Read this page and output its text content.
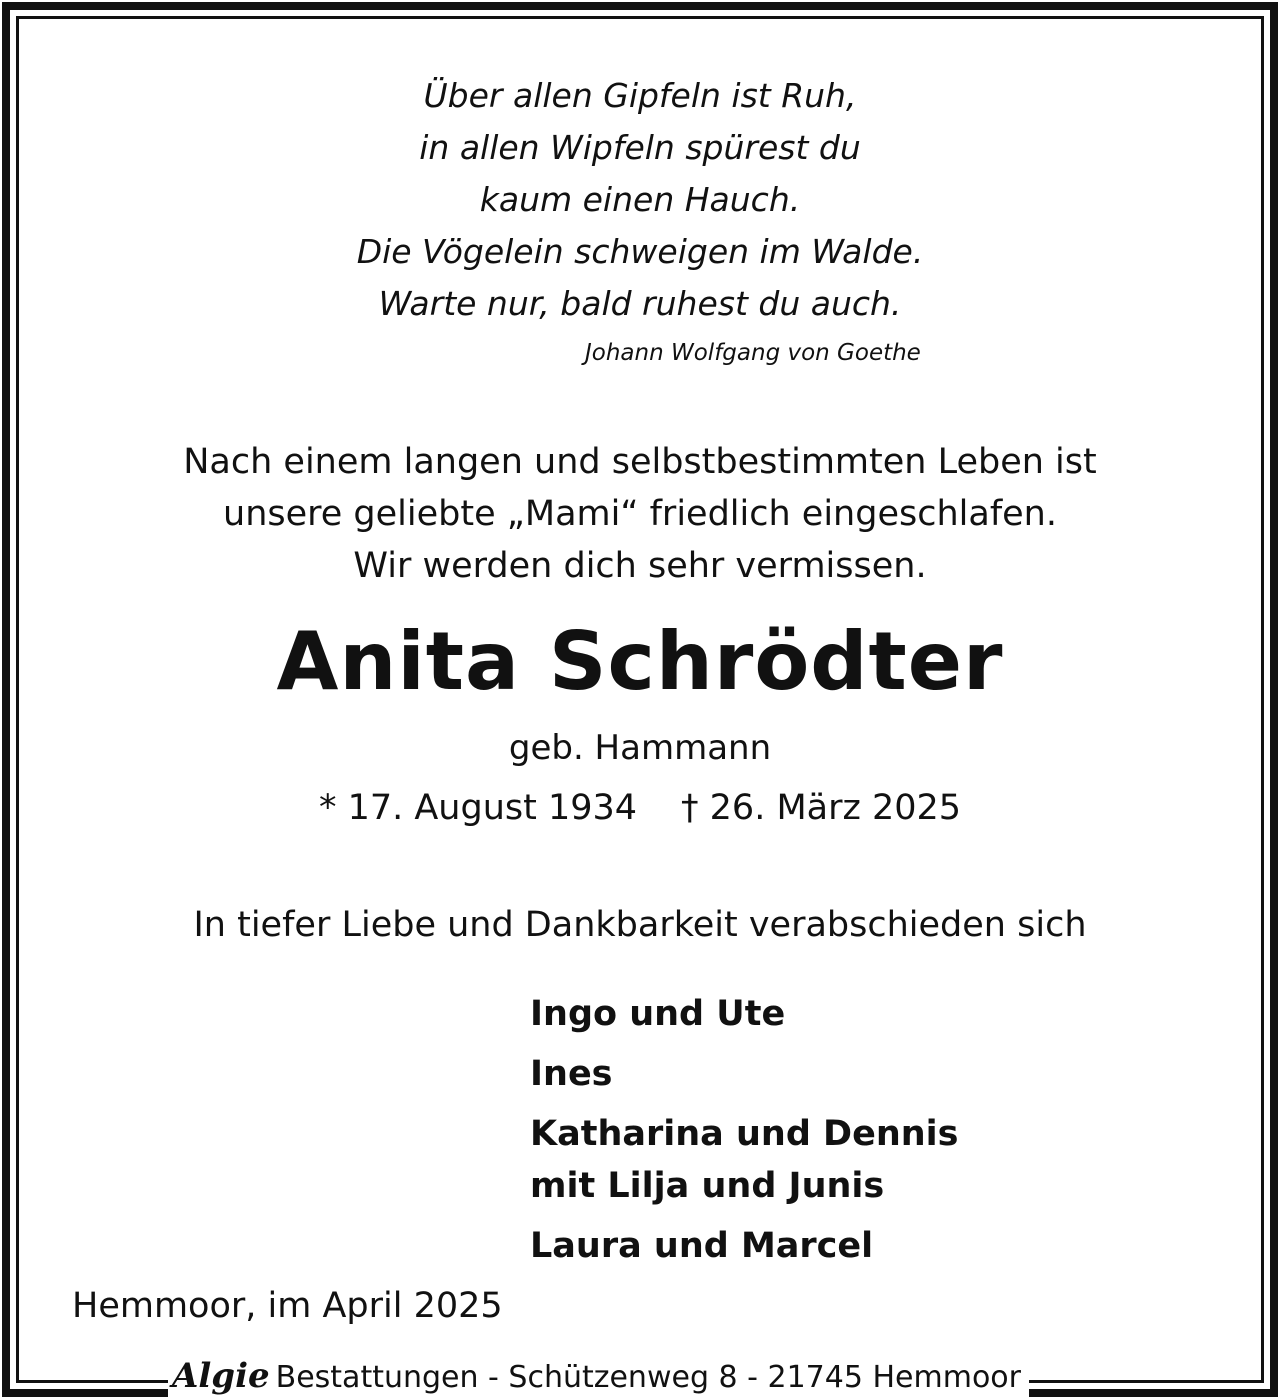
Über allen Gipfeln ist Ruh,
in allen Wipfeln spürest du
kaum einen Hauch.
Die Vögelein schweigen im Walde.
Warte nur, bald ruhest du auch.
Johann Wolfgang von Goethe
Nach einem langen und selbstbestimmten Leben ist
unsere geliebte „Mami“ friedlich eingeschlafen.
Wir werden dich sehr vermissen.
Anita Schrödter
geb. Hammann
* 17. August 1934 † 26. März 2025
In tiefer Liebe und Dankbarkeit verabschieden sich
Ingo und Ute
Ines
Katharina und Dennis
mit Lilja und Junis
Laura und Marcel
Hemmoor, im April 2025
Algie Bestattungen - Schützenweg 8 - 21745 Hemmoor
